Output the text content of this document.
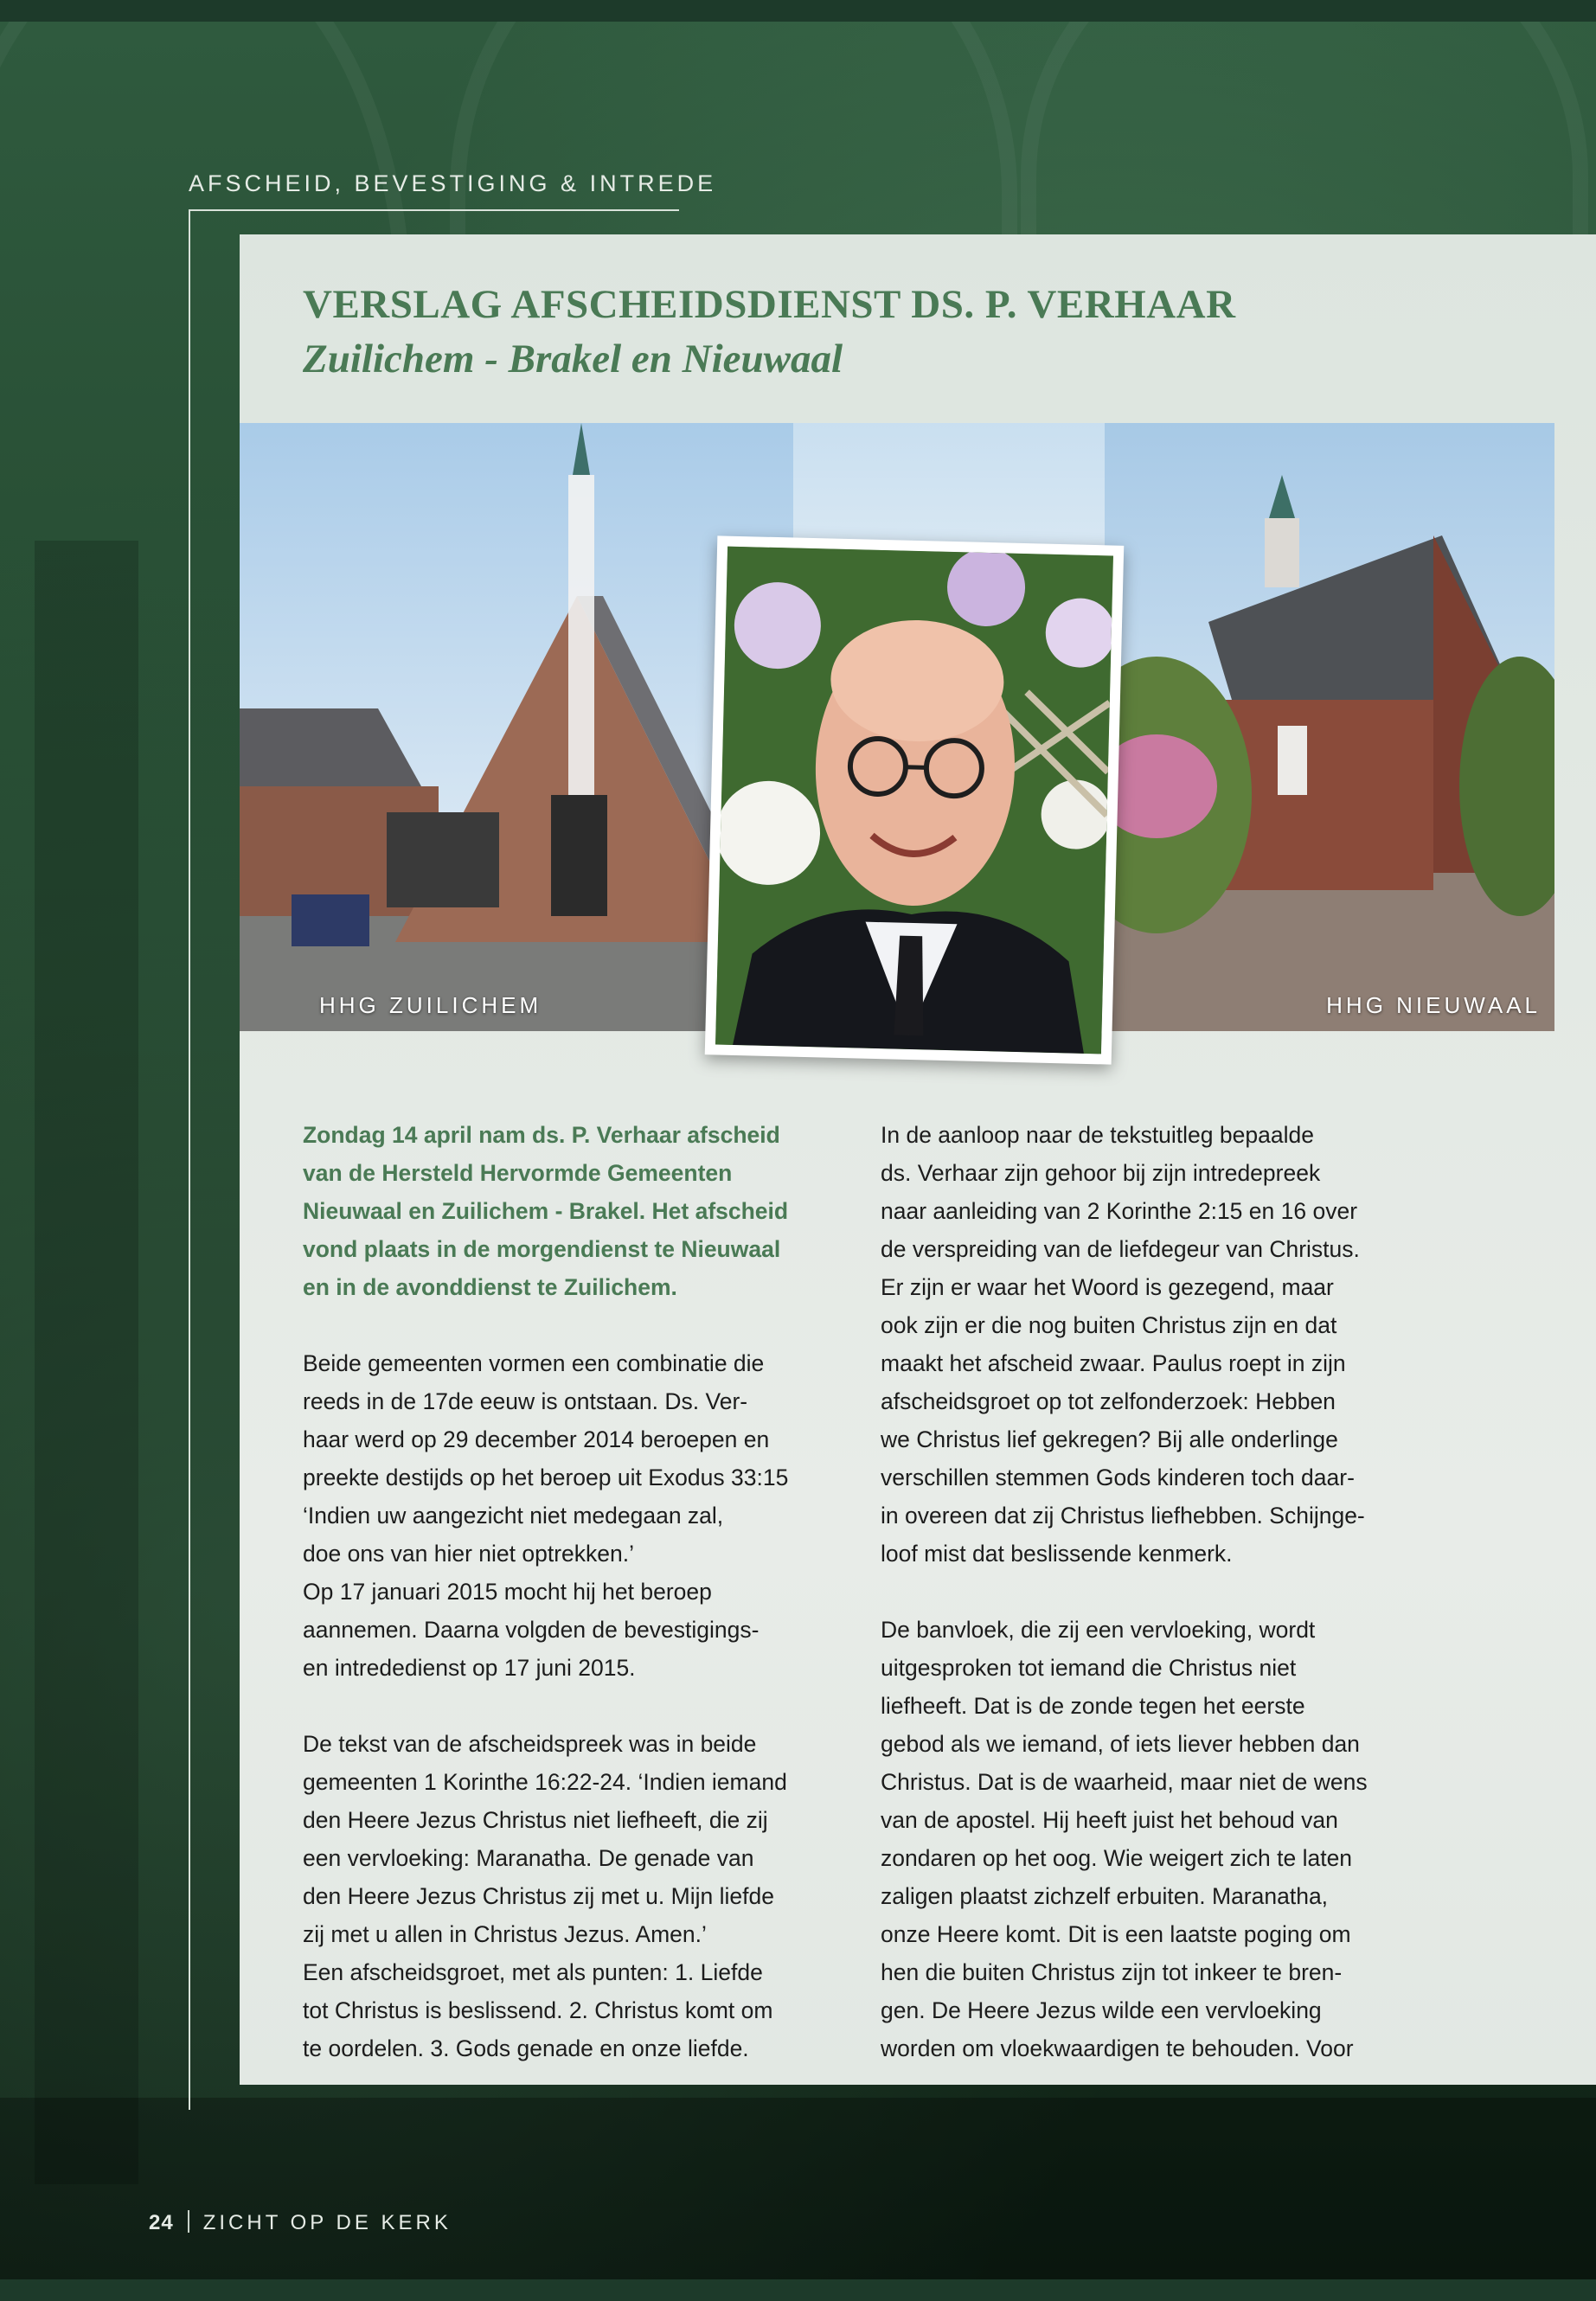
AFSCHEID, BEVESTIGING & INTREDE
VERSLAG AFSCHEIDSDIENST DS. P. VERHAAR
Zuilichem - Brakel en Nieuwaal
HHG ZUILICHEM	HHG NIEUWAAL

Zondag 14 april nam ds. P. Verhaar afscheid
van de Hersteld Hervormde Gemeenten
Nieuwaal en Zuilichem - Brakel. Het afscheid
vond plaats in de morgendienst te Nieuwaal
en in de avonddienst te Zuilichem.

Beide gemeenten vormen een combinatie die
reeds in de 17de eeuw is ontstaan. Ds. Ver-
haar werd op 29 december 2014 beroepen en
preekte destijds op het beroep uit Exodus 33:15
‘Indien uw aangezicht niet medegaan zal,
doe ons van hier niet optrekken.’
Op 17 januari 2015 mocht hij het beroep
aannemen. Daarna volgden de bevestigings-
en intrededienst op 17 juni 2015.

De tekst van de afscheidspreek was in beide
gemeenten 1 Korinthe 16:22-24. ‘Indien iemand
den Heere Jezus Christus niet liefheeft, die zij
een vervloeking: Maranatha. De genade van
den Heere Jezus Christus zij met u. Mijn liefde
zij met u allen in Christus Jezus. Amen.’
Een afscheidsgroet, met als punten: 1. Liefde
tot Christus is beslissend. 2. Christus komt om
te oordelen. 3. Gods genade en onze liefde.

In de aanloop naar de tekstuitleg bepaalde
ds. Verhaar zijn gehoor bij zijn intredepreek
naar aanleiding van 2 Korinthe 2:15 en 16 over
de verspreiding van de liefdegeur van Christus.
Er zijn er waar het Woord is gezegend, maar
ook zijn er die nog buiten Christus zijn en dat
maakt het afscheid zwaar. Paulus roept in zijn
afscheidsgroet op tot zelfonderzoek: Hebben
we Christus lief gekregen? Bij alle onderlinge
verschillen stemmen Gods kinderen toch daar-
in overeen dat zij Christus liefhebben. Schijnge-
loof mist dat beslissende kenmerk.

De banvloek, die zij een vervloeking, wordt
uitgesproken tot iemand die Christus niet
liefheeft. Dat is de zonde tegen het eerste
gebod als we iemand, of iets liever hebben dan
Christus. Dat is de waarheid, maar niet de wens
van de apostel. Hij heeft juist het behoud van
zondaren op het oog. Wie weigert zich te laten
zaligen plaatst zichzelf erbuiten. Maranatha,
onze Heere komt. Dit is een laatste poging om
hen die buiten Christus zijn tot inkeer te bren-
gen. De Heere Jezus wilde een vervloeking
worden om vloekwaardigen te behouden. Voor

24 ZICHT OP DE KERK
